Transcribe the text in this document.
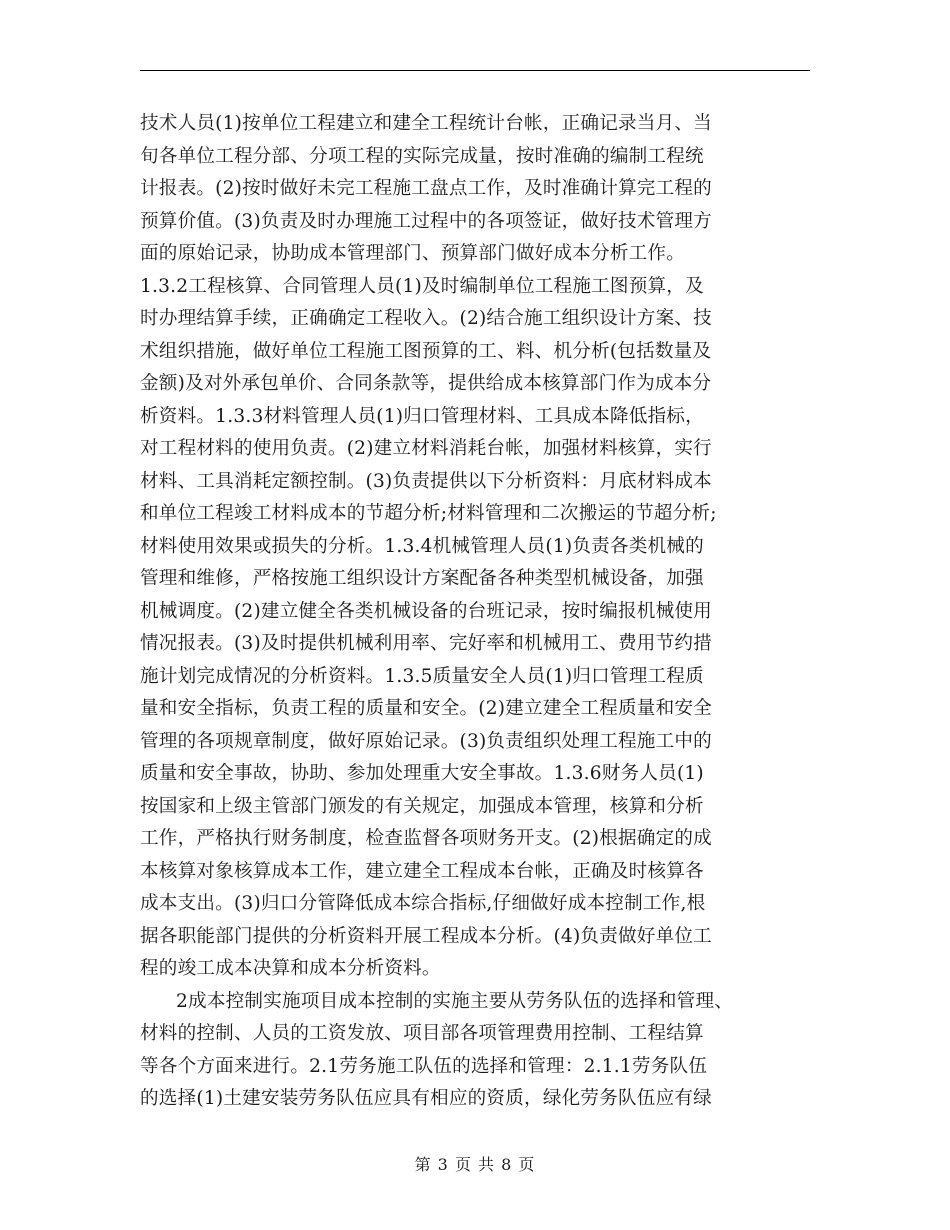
技术人员(1)按单位工程建立和建全工程统计台帐，正确记录当月、当
旬各单位工程分部、分项工程的实际完成量，按时准确的编制工程统
计报表。(2)按时做好未完工程施工盘点工作，及时准确计算完工程的
预算价值。(3)负责及时办理施工过程中的各项签证，做好技术管理方
面的原始记录，协助成本管理部门、预算部门做好成本分析工作。
1.3.2工程核算、合同管理人员(1)及时编制单位工程施工图预算，及
时办理结算手续，正确确定工程收入。(2)结合施工组织设计方案、技
术组织措施，做好单位工程施工图预算的工、料、机分析(包括数量及
金额)及对外承包单价、合同条款等，提供给成本核算部门作为成本分
析资料。1.3.3材料管理人员(1)归口管理材料、工具成本降低指标，
对工程材料的使用负责。(2)建立材料消耗台帐，加强材料核算，实行
材料、工具消耗定额控制。(3)负责提供以下分析资料：月底材料成本
和单位工程竣工材料成本的节超分析;材料管理和二次搬运的节超分析;
材料使用效果或损失的分析。1.3.4机械管理人员(1)负责各类机械的
管理和维修，严格按施工组织设计方案配备各种类型机械设备，加强
机械调度。(2)建立健全各类机械设备的台班记录，按时编报机械使用
情况报表。(3)及时提供机械利用率、完好率和机械用工、费用节约措
施计划完成情况的分析资料。1.3.5质量安全人员(1)归口管理工程质
量和安全指标，负责工程的质量和安全。(2)建立建全工程质量和安全
管理的各项规章制度，做好原始记录。(3)负责组织处理工程施工中的
质量和安全事故，协助、参加处理重大安全事故。1.3.6财务人员(1)
按国家和上级主管部门颁发的有关规定，加强成本管理，核算和分析
工作，严格执行财务制度，检查监督各项财务开支。(2)根据确定的成
本核算对象核算成本工作，建立建全工程成本台帐，正确及时核算各
成本支出。(3)归口分管降低成本综合指标,仔细做好成本控制工作,根
据各职能部门提供的分析资料开展工程成本分析。(4)负责做好单位工
程的竣工成本决算和成本分析资料。
2成本控制实施项目成本控制的实施主要从劳务队伍的选择和管理、
材料的控制、人员的工资发放、项目部各项管理费用控制、工程结算
等各个方面来进行。2.1劳务施工队伍的选择和管理：2.1.1劳务队伍
的选择(1)土建安装劳务队伍应具有相应的资质，绿化劳务队伍应有绿
第 3 页 共 8 页
